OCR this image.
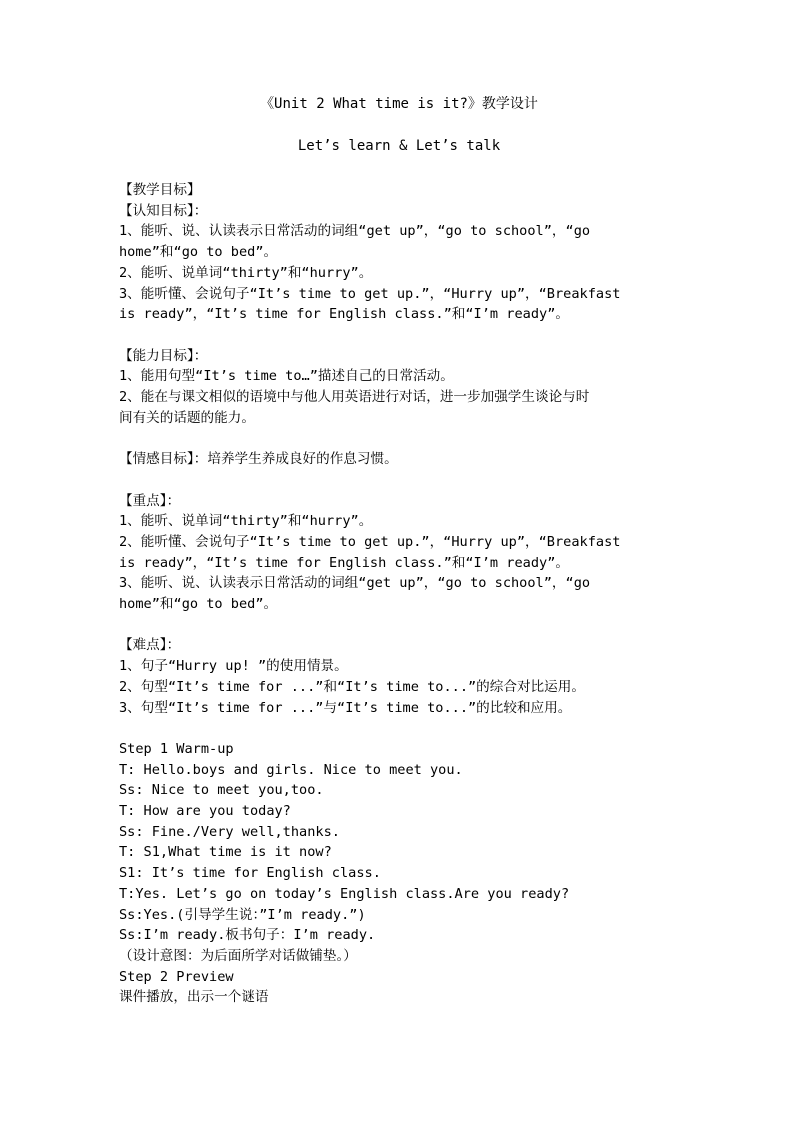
《Unit 2 What time is it?》教学设计

Let’s learn & Let’s talk

【教学目标】

【认知目标】：

1、能听、说、认读表示日常活动的词组“get up”，“go to school”，“go

home”和“go to bed”。

2、能听、说单词“thirty”和“hurry”。

3、能听懂、会说句子“It’s time to get up.”，“Hurry up”，“Breakfast

is ready”，“It’s time for English class.”和“I’m ready”。

【能力目标】：

1、能用句型“It’s time to…”描述自己的日常活动。

2、能在与课文相似的语境中与他人用英语进行对话，进一步加强学生谈论与时

间有关的话题的能力。

【情感目标】：培养学生养成良好的作息习惯。

【重点】：

1、能听、说单词“thirty”和“hurry”。

2、能听懂、会说句子“It’s time to get up.”，“Hurry up”，“Breakfast

is ready”，“It’s time for English class.”和“I’m ready”。

3、能听、说、认读表示日常活动的词组“get up”，“go to school”，“go

home”和“go to bed”。

【难点】：

1、句子“Hurry up! ”的使用情景。

2、句型“It’s time for ...”和“It’s time to...”的综合对比运用。

3、句型“It’s time for ...”与“It’s time to...”的比较和应用。

Step 1 Warm-up

T: Hello.boys and girls. Nice to meet you.

Ss: Nice to meet you,too.

T: How are you today?

Ss: Fine./Very well,thanks.

T: S1,What time is it now?

S1: It’s time for English class.

T:Yes. Let’s go on today’s English class.Are you ready?

Ss:Yes.(引导学生说：”I’m ready.”)

Ss:I’m ready.板书句子：I’m ready.

（设计意图：为后面所学对话做铺垫。）

Step 2 Preview

课件播放，出示一个谜语
